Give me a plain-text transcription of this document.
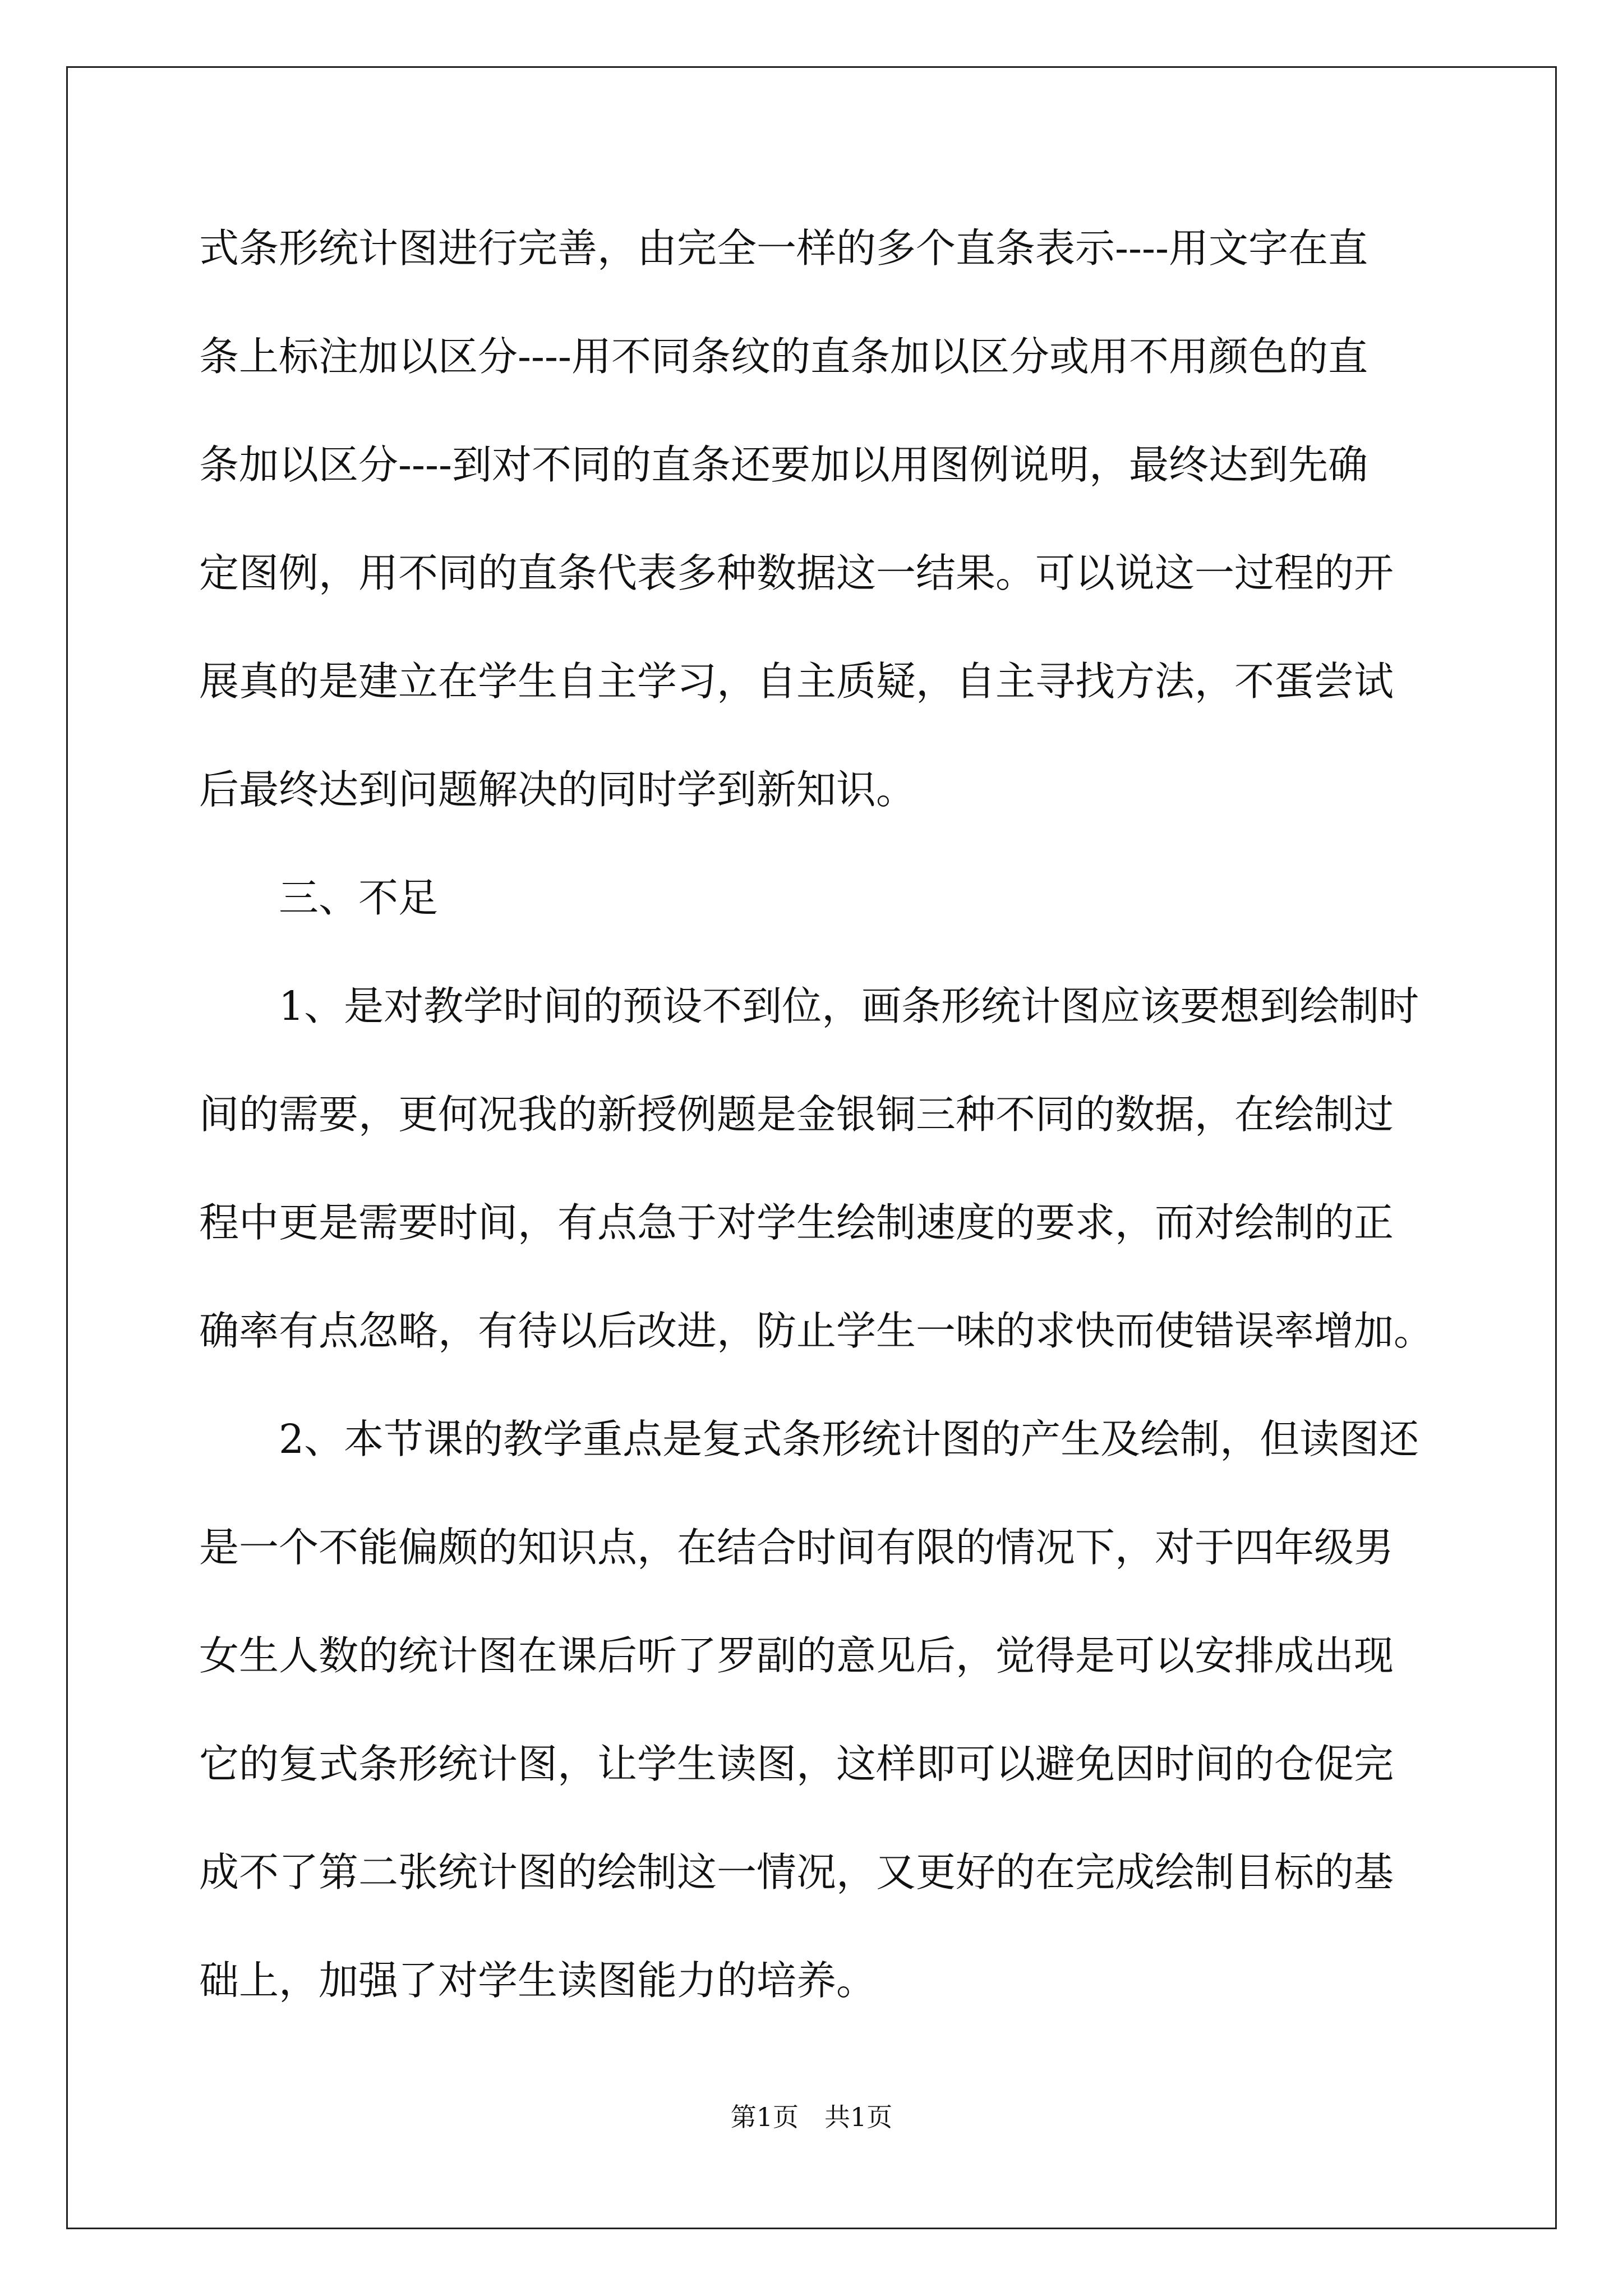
式条形统计图进行完善，由完全一样的多个直条表示----用文字在直
条上标注加以区分----用不同条纹的直条加以区分或用不用颜色的直
条加以区分----到对不同的直条还要加以用图例说明，最终达到先确
定图例，用不同的直条代表多种数据这一结果。可以说这一过程的开
展真的是建立在学生自主学习，自主质疑，自主寻找方法，不蛋尝试
后最终达到问题解决的同时学到新知识。
　　三、不足
　　1、是对教学时间的预设不到位，画条形统计图应该要想到绘制时
间的需要，更何况我的新授例题是金银铜三种不同的数据，在绘制过
程中更是需要时间，有点急于对学生绘制速度的要求，而对绘制的正
确率有点忽略，有待以后改进，防止学生一味的求快而使错误率增加。
　　2、本节课的教学重点是复式条形统计图的产生及绘制，但读图还
是一个不能偏颇的知识点，在结合时间有限的情况下，对于四年级男
女生人数的统计图在课后听了罗副的意见后，觉得是可以安排成出现
它的复式条形统计图，让学生读图，这样即可以避免因时间的仓促完
成不了第二张统计图的绘制这一情况，又更好的在完成绘制目标的基
础上，加强了对学生读图能力的培养。
第1页　共1页
